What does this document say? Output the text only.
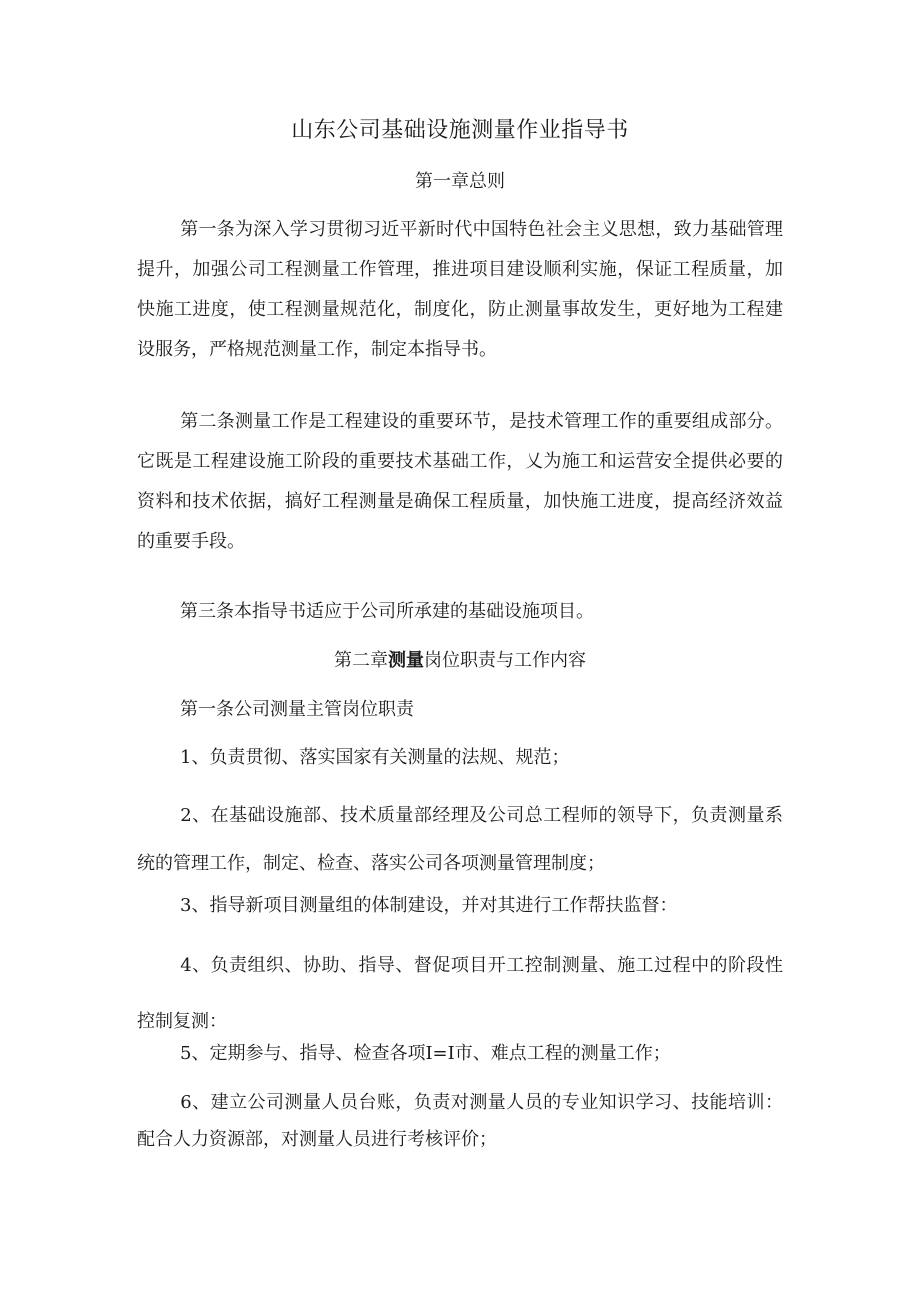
山东公司基础设施测量作业指导书
第一章总则

第一条为深入学习贯彻习近平新时代中国特色社会主义思想，致力基础管理提升，加强公司工程测量工作管理，推进项目建设顺利实施，保证工程质量，加快施工进度，使工程测量规范化，制度化，防止测量事故发生，更好地为工程建设服务，严格规范测量工作，制定本指导书。

第二条测量工作是工程建设的重要环节，是技术管理工作的重要组成部分。它既是工程建设施工阶段的重要技术基础工作，乂为施工和运营安全提供必要的资料和技术依据，搞好工程测量是确保工程质量，加快施工进度，提高经济效益的重要手段。

第三条本指导书适应于公司所承建的基础设施项目。
第二章测量岗位职责与工作内容
第一条公司测量主管岗位职责
1、负责贯彻、落实国家有关测量的法规、规范；

2、在基础设施部、技术质量部经理及公司总工程师的领导下，负责测量系统的管理工作，制定、检查、落实公司各项测量管理制度；

3、指导新项目测量组的体制建设，并对其进行工作帮扶监督：

4、负责组织、协助、指导、督促项目开工控制测量、施工过程中的阶段性控制复测：

5、定期参与、指导、检查各项I=I市、难点工程的测量工作；

6、建立公司测量人员台账，负责对测量人员的专业知识学习、技能培训：配合人力资源部，对测量人员进行考核评价；
